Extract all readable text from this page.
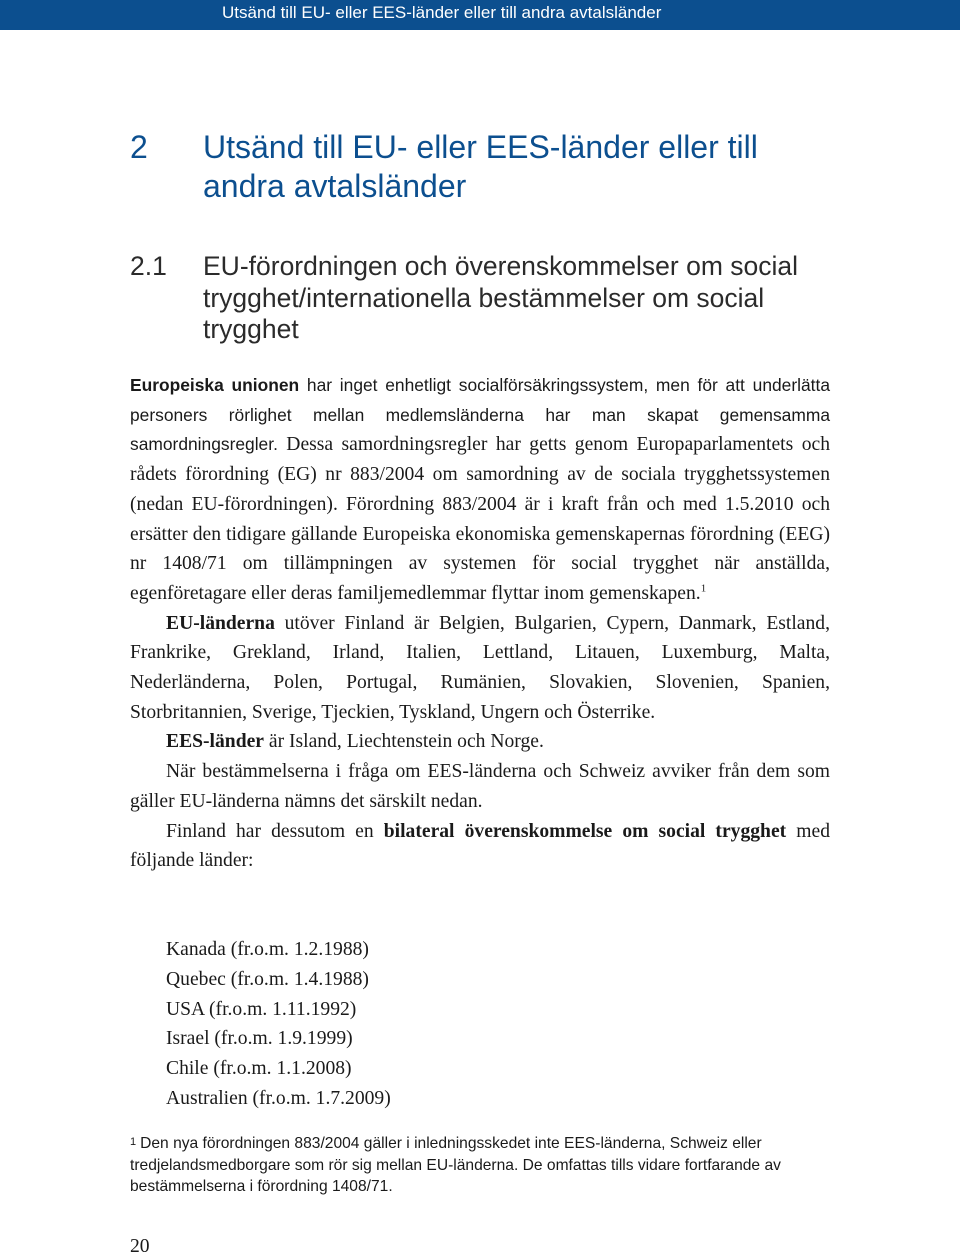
Utsänd till EU- eller EES-länder eller till andra avtalsländer
2 Utsänd till EU- eller EES-länder eller till andra avtalsländer
2.1 EU-förordningen och överenskommelser om social trygghet/internationella bestämmelser om social trygghet

Europeiska unionen har inget enhetligt socialförsäkringssystem, men för att underlätta personers rörlighet mellan medlemsländerna har man skapat gemensamma samordningsregler. Dessa samordningsregler har getts genom Europaparlamentets och rådets förordning (EG) nr 883/2004 om samordning av de sociala trygghetssystemen (nedan EU-förordningen). Förordning 883/2004 är i kraft från och med 1.5.2010 och ersätter den tidigare gällande Europeiska ekonomiska gemenskapernas förordning (EEG) nr 1408/71 om tillämpningen av systemen för social trygghet när anställda, egenföretagare eller deras familjemedlemmar flyttar inom gemenskapen.$^1$

EU-länderna utöver Finland är Belgien, Bulgarien, Cypern, Danmark, Estland, Frankrike, Grekland, Irland, Italien, Lettland, Litauen, Luxemburg, Malta, Nederländerna, Polen, Portugal, Rumänien, Slovakien, Slovenien, Spanien, Storbritannien, Sverige, Tjeckien, Tyskland, Ungern och Österrike.

EES-länder är Island, Liechtenstein och Norge.

När bestämmelserna i fråga om EES-länderna och Schweiz avviker från dem som gäller EU-länderna nämns det särskilt nedan.

Finland har dessutom en bilateral överenskommelse om social trygghet med följande länder:

Kanada (fr.o.m. 1.2.1988)
Quebec (fr.o.m. 1.4.1988)
USA (fr.o.m. 1.11.1992)
Israel (fr.o.m. 1.9.1999)
Chile (fr.o.m. 1.1.2008)
Australien (fr.o.m. 1.7.2009)

$^1$ Den nya förordningen 883/2004 gäller i inledningsskedet inte EES-länderna, Schweiz eller tredjelandsmedborgare som rör sig mellan EU-länderna. De omfattas tills vidare fortfarande av bestämmelserna i förordning 1408/71.

20
